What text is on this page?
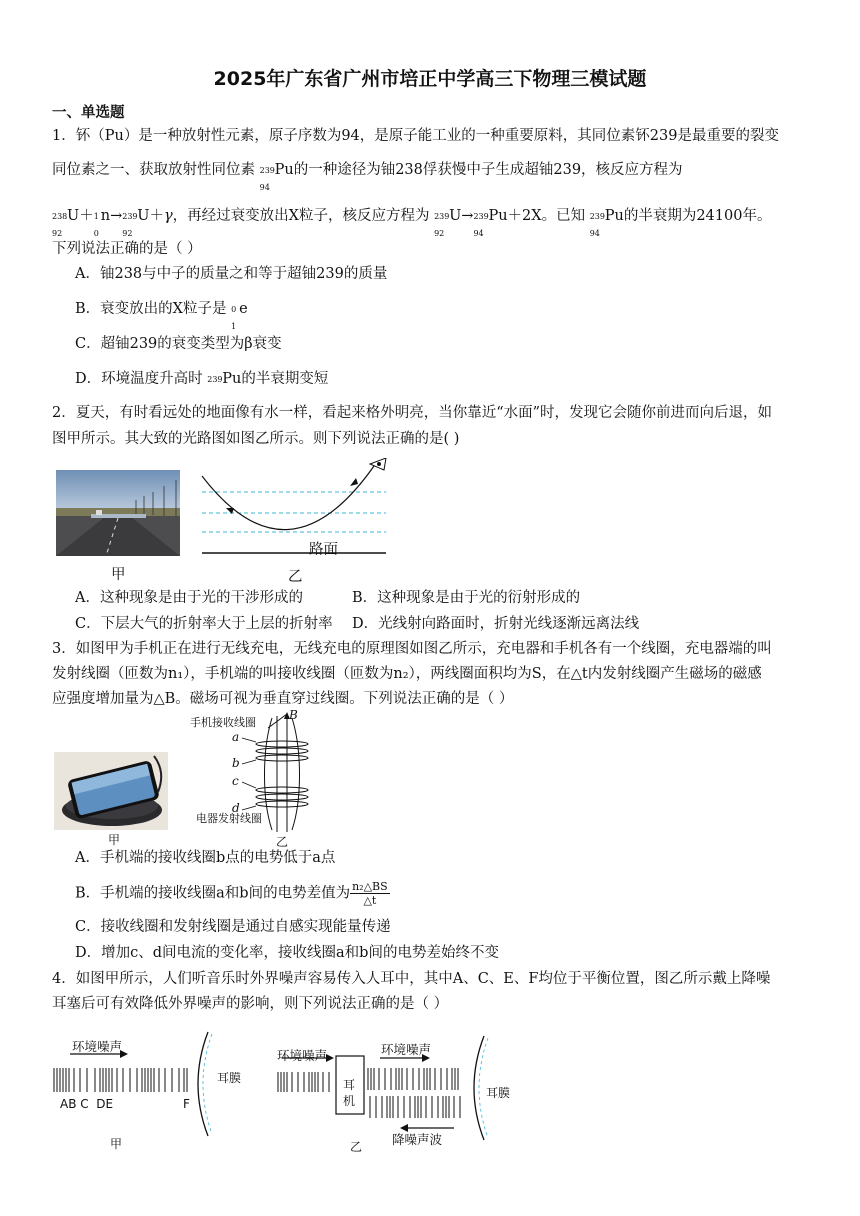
2025年广东省广州市培正中学高三下物理三模试题
一、单选题
1．钚（Pu）是一种放射性元素，原子序数为94，是原子能工业的一种重要原料，其同位素钚239是最重要的裂变
同位素之一、获取放射性同位素 239
94
Pu的一种途径为铀238俘获慢中子生成超铀239，核反应方程为
238
92
U＋ 1
0
n→ 239
92
U＋γ，再经过衰变放出X粒子，核反应方程为 239
92
U→ 239
94
Pu＋2X。已知 239
94
Pu的半衰期为24100年。
下列说法正确的是（ ）
A．铀238与中子的质量之和等于超铀239的质量
B．衰变放出的X粒子是 0
1
e
C．超铀239的衰变类型为β衰变
D．环境温度升高时 239 Pu的半衰期变短
2．夏天，有时看远处的地面像有水一样，看起来格外明亮，当你靠近“水面”时，发现它会随你前进而向后退，如
图甲所示。其大致的光路图如图乙所示。则下列说法正确的是( )
甲
路面
乙
A．这种现象是由于光的干涉形成的	B．这种现象是由于光的衍射形成的
C．下层大气的折射率大于上层的折射率 D．光线射向路面时，折射光线逐渐远离法线
3．如图甲为手机正在进行无线充电，无线充电的原理图如图乙所示，充电器和手机各有一个线圈，充电器端的叫
发射线圈（匝数为n₁），手机端的叫接收线圈（匝数为n₂），两线圈面积均为S，在△t内发射线圈产生磁场的磁感
应强度增加量为△B。磁场可视为垂直穿过线圈。下列说法正确的是（ ）
甲
手机接收线圈
B
a
b
c
d
电器发射线圈
乙
A．手机端的接收线圈b点的电势低于a点
B．手机端的接收线圈a和b间的电势差值为 $\frac{\text{n₂△BS}}{\triangle t}$
C．接收线圈和发射线圈是通过自感实现能量传递
D．增加c、d间电流的变化率，接收线圈a和b间的电势差始终不变
4．如图甲所示，人们听音乐时外界噪声容易传入人耳中，其中A、C、E、F均位于平衡位置，图乙所示戴上降噪
耳塞后可有效降低外界噪声的影响，则下列说法正确的是（ ）
环境噪声
AB C  DE	F
耳膜
甲
环境噪声	环境噪声
耳机
耳膜
降噪声波
乙
